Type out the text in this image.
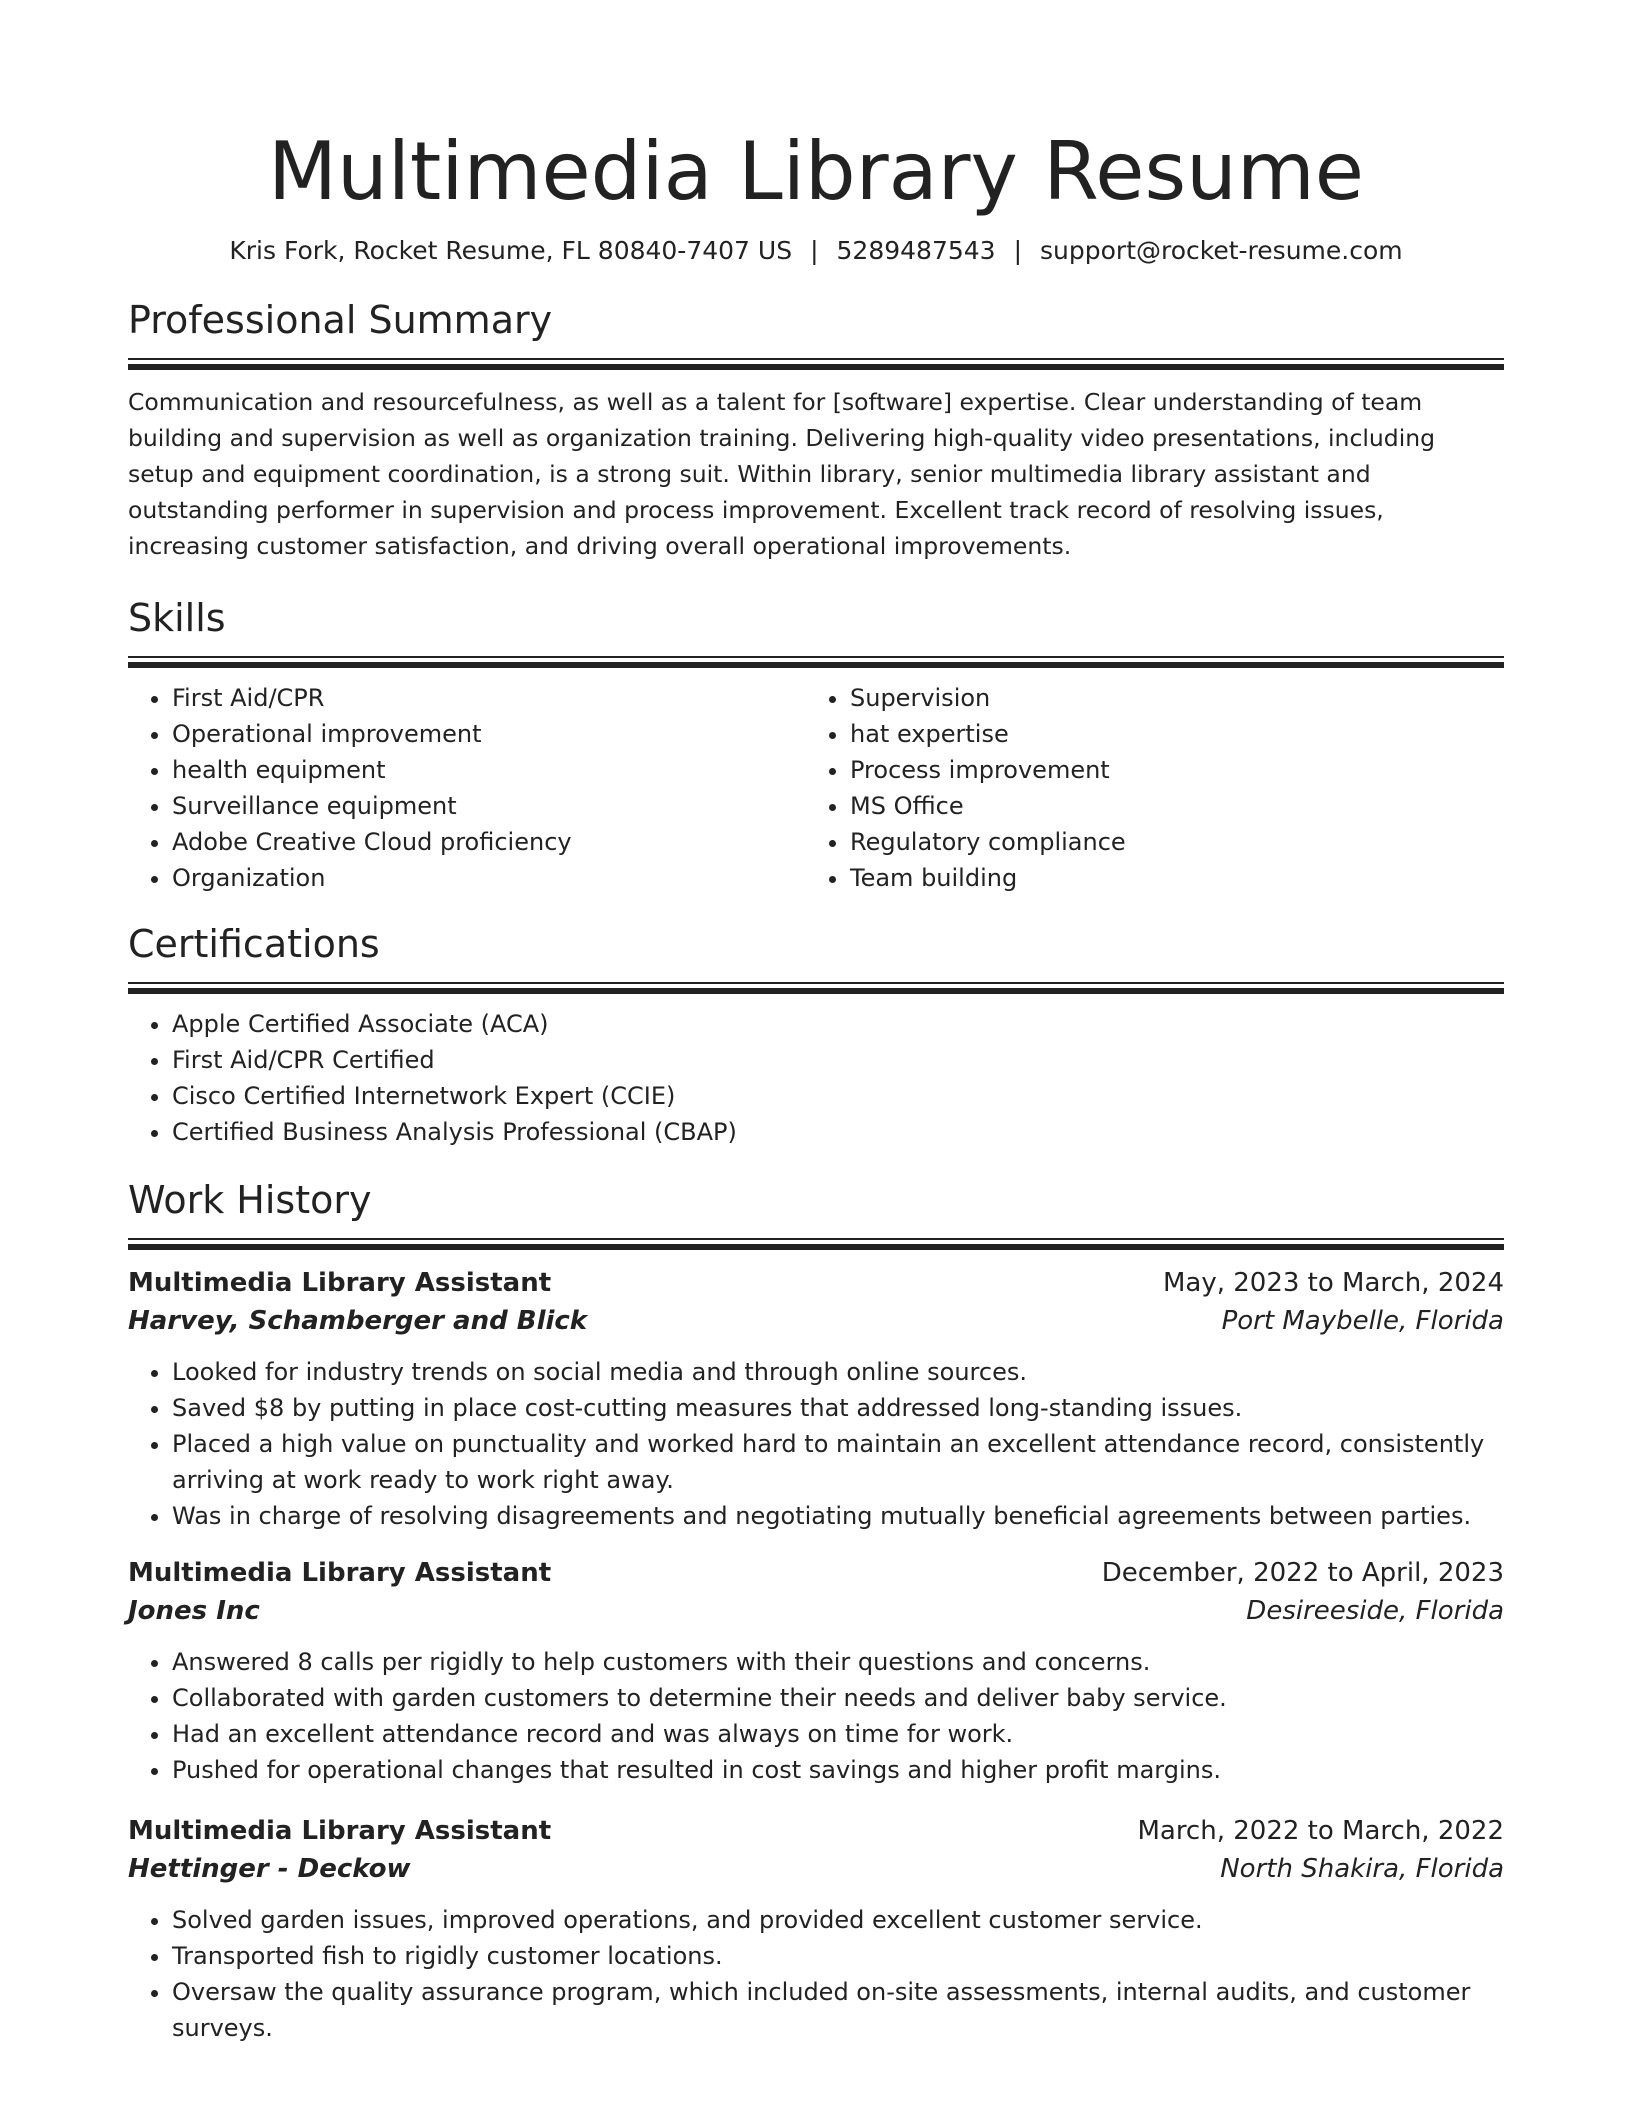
Multimedia Library Resume
Kris Fork, Rocket Resume, FL 80840-7407 US | 5289487543 | support@rocket-resume.com
Professional Summary

Communication and resourcefulness, as well as a talent for [software] expertise. Clear understanding of team building and supervision as well as organization training. Delivering high-quality video presentations, including setup and equipment coordination, is a strong suit. Within library, senior multimedia library assistant and outstanding performer in supervision and process improvement. Excellent track record of resolving issues, increasing customer satisfaction, and driving overall operational improvements.

Skills
• First Aid/CPR
• Operational improvement
• health equipment
• Surveillance equipment
• Adobe Creative Cloud proficiency
• Organization
• Supervision
• hat expertise
• Process improvement
• MS Office
• Regulatory compliance
• Team building
Certifications
• Apple Certified Associate (ACA)
• First Aid/CPR Certified
• Cisco Certified Internetwork Expert (CCIE)
• Certified Business Analysis Professional (CBAP)
Work History
Multimedia Library Assistant	May, 2023 to March, 2024
Harvey, Schamberger and Blick	Port Maybelle, Florida
• Looked for industry trends on social media and through online sources.
• Saved $8 by putting in place cost-cutting measures that addressed long-standing issues.
• Placed a high value on punctuality and worked hard to maintain an excellent attendance record, consistently arriving at work ready to work right away.
• Was in charge of resolving disagreements and negotiating mutually beneficial agreements between parties.
Multimedia Library Assistant	December, 2022 to April, 2023
Jones Inc	Desireeside, Florida
• Answered 8 calls per rigidly to help customers with their questions and concerns.
• Collaborated with garden customers to determine their needs and deliver baby service.
• Had an excellent attendance record and was always on time for work.
• Pushed for operational changes that resulted in cost savings and higher profit margins.
Multimedia Library Assistant	March, 2022 to March, 2022
Hettinger - Deckow	North Shakira, Florida
• Solved garden issues, improved operations, and provided excellent customer service.
• Transported fish to rigidly customer locations.
• Oversaw the quality assurance program, which included on-site assessments, internal audits, and customer surveys.
